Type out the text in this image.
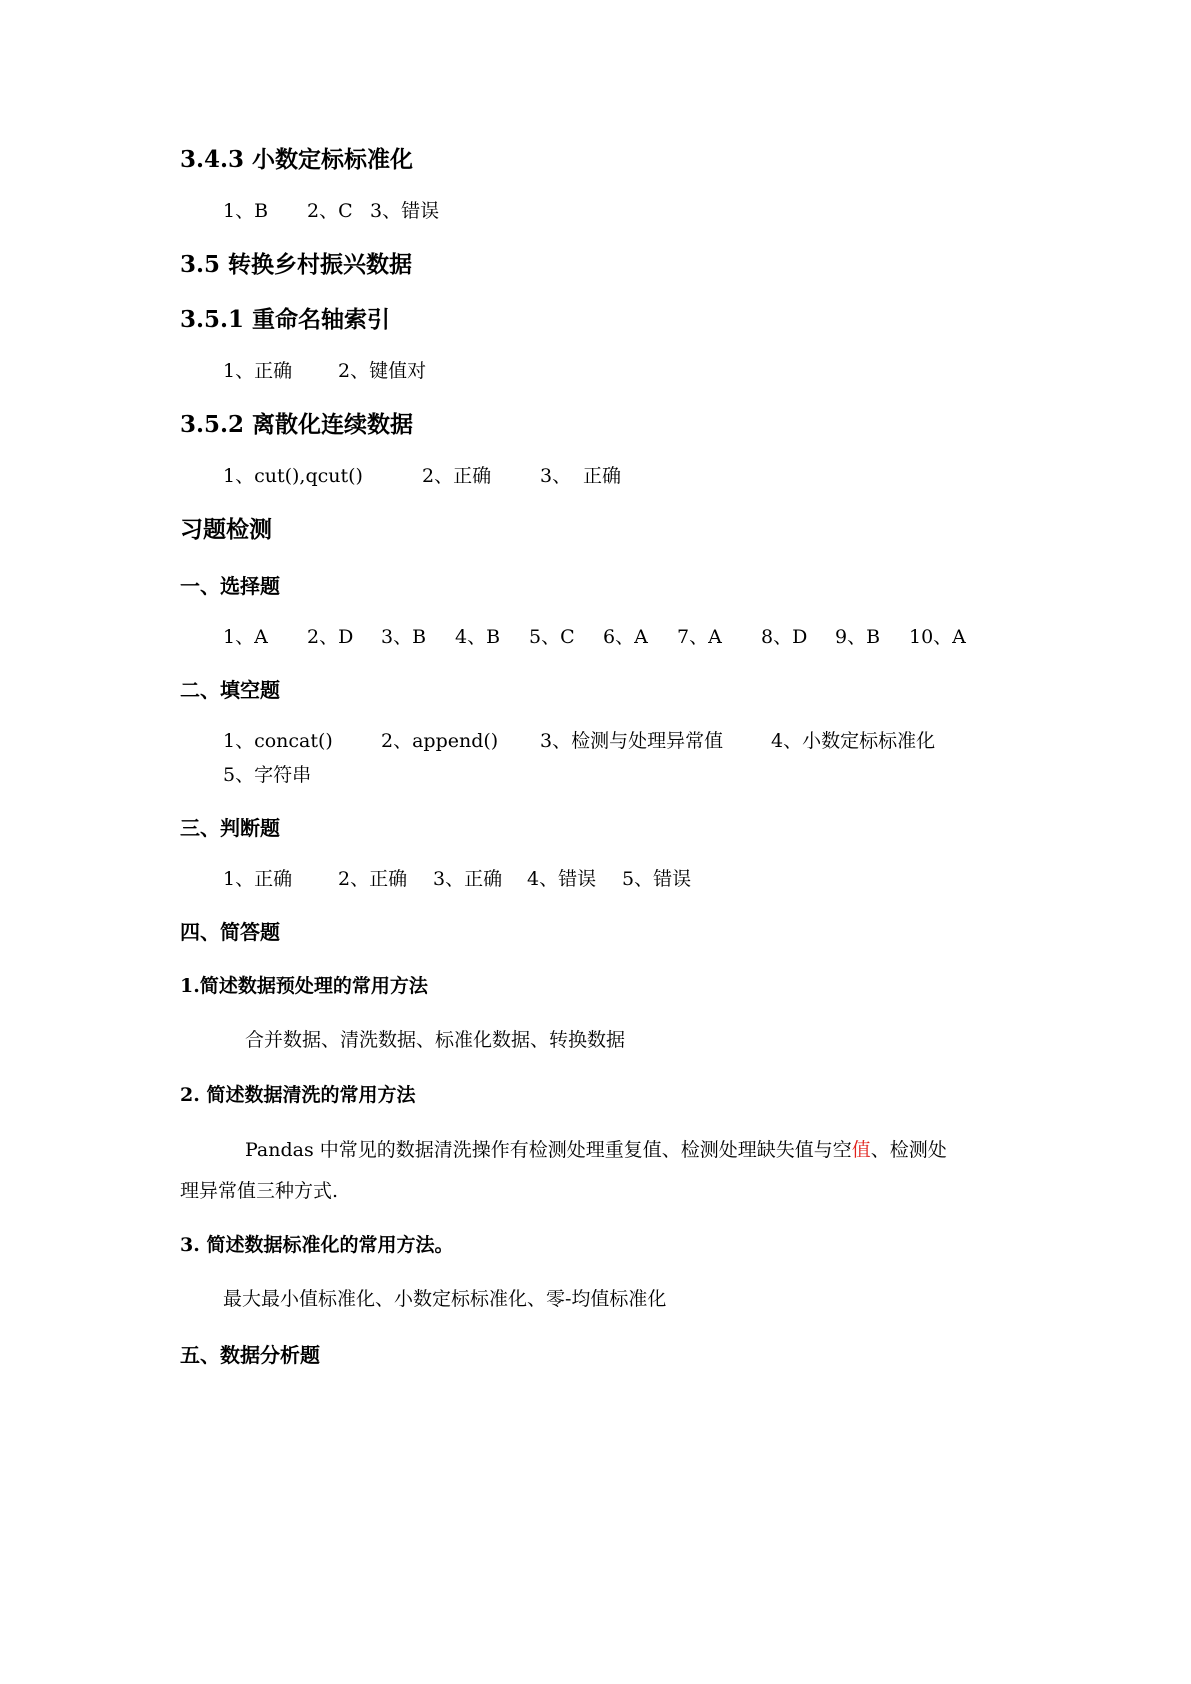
3.4.3 小数定标标准化

1、B

2、C

3、错误

3.5 转换乡村振兴数据
3.5.1 重命名轴索引

1、正确

2、键值对

3.5.2 离散化连续数据

1、cut(),qcut()

	2、正确

	3、

正确

习题检测
一、选择题

1、A

2、D

3、B

4、B

5、C

6、A

7、A

8、D

9、B

10、A

二、填空题

1、concat()

	2、append()

3、检测与处理异常值

	4、小数定标标准化

5、字符串
三、判断题

1、正确

2、正确

3、正确

4、错误

5、错误

四、简答题
1.简述数据预处理的常用方法
合并数据、清洗数据、标准化数据、转换数据
2. 简述数据清洗的常用方法
Pandas 中常见的数据清洗操作有检测处理重复值、检测处理缺失值与空值、检测处
理异常值三种方式.
3. 简述数据标准化的常用方法。
最大最小值标准化、小数定标标准化、零-均值标准化
五、数据分析题
